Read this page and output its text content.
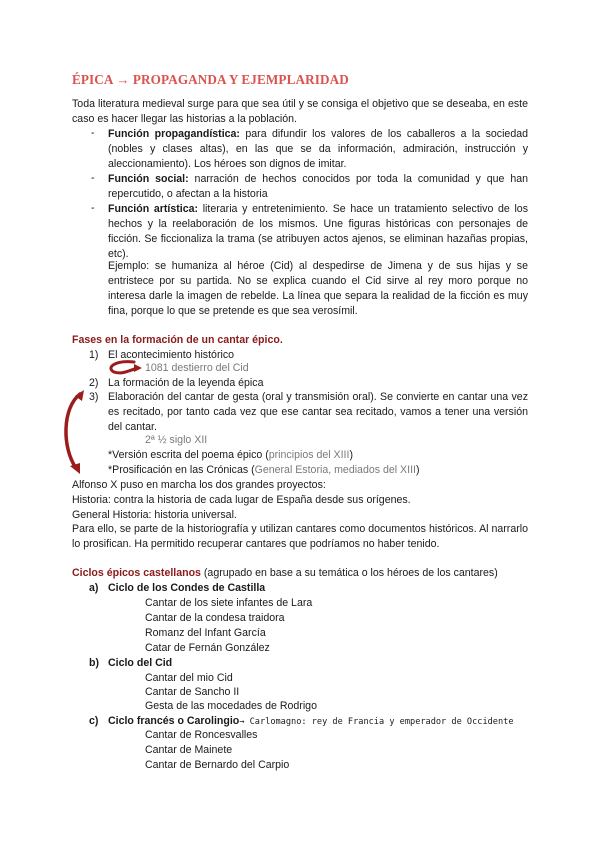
ÉPICA → PROPAGANDA Y EJEMPLARIDAD
Toda literatura medieval surge para que sea útil y se consiga el objetivo que se deseaba, en este caso es hacer llegar las historias a la población.
- Función propagandística: para difundir los valores de los caballeros a la sociedad (nobles y clases altas), en las que se da información, admiración, instrucción y aleccionamiento). Los héroes son dignos de imitar.
- Función social: narración de hechos conocidos por toda la comunidad y que han repercutido, o afectan a la historia
- Función artística: literaria y entretenimiento. Se hace un tratamiento selectivo de los hechos y la reelaboración de los mismos. Une figuras históricas con personajes de ficción. Se ficcionaliza la trama (se atribuyen actos ajenos, se eliminan hazañas propias, etc).
Ejemplo: se humaniza al héroe (Cid) al despedirse de Jimena y de sus hijas y se entristece por su partida. No se explica cuando el Cid sirve al rey moro porque no interesa darle la imagen de rebelde. La línea que separa la realidad de la ficción es muy fina, porque lo que se pretende es que sea verosímil.
Fases en la formación de un cantar épico.
1) El acontecimiento histórico
1081 destierro del Cid
2) La formación de la leyenda épica
3) Elaboración del cantar de gesta (oral y transmisión oral). Se convierte en cantar una vez es recitado, por tanto cada vez que ese cantar sea recitado, vamos a tener una versión del cantar.
2ª ½ siglo XII
*Versión escrita del poema épico (principios del XIII)
*Prosificación en las Crónicas (General Estoria, mediados del XIII)
Alfonso X puso en marcha los dos grandes proyectos:
Historia: contra la historia de cada lugar de España desde sus orígenes.
General Historia: historia universal.
Para ello, se parte de la historiografía y utilizan cantares como documentos históricos. Al narrarlo lo prosifican. Ha permitido recuperar cantares que podríamos no haber tenido.
Ciclos épicos castellanos (agrupado en base a su temática o los héroes de los cantares)
a) Ciclo de los Condes de Castilla
Cantar de los siete infantes de Lara
Cantar de la condesa traidora
Romanz del Infant García
Catar de Fernán González
b) Ciclo del Cid
Cantar del mio Cid
Cantar de Sancho II
Gesta de las mocedades de Rodrigo
c) Ciclo francés o Carolingio→ Carlomagno: rey de Francia y emperador de Occidente
Cantar de Roncesvalles
Cantar de Mainete
Cantar de Bernardo del Carpio
